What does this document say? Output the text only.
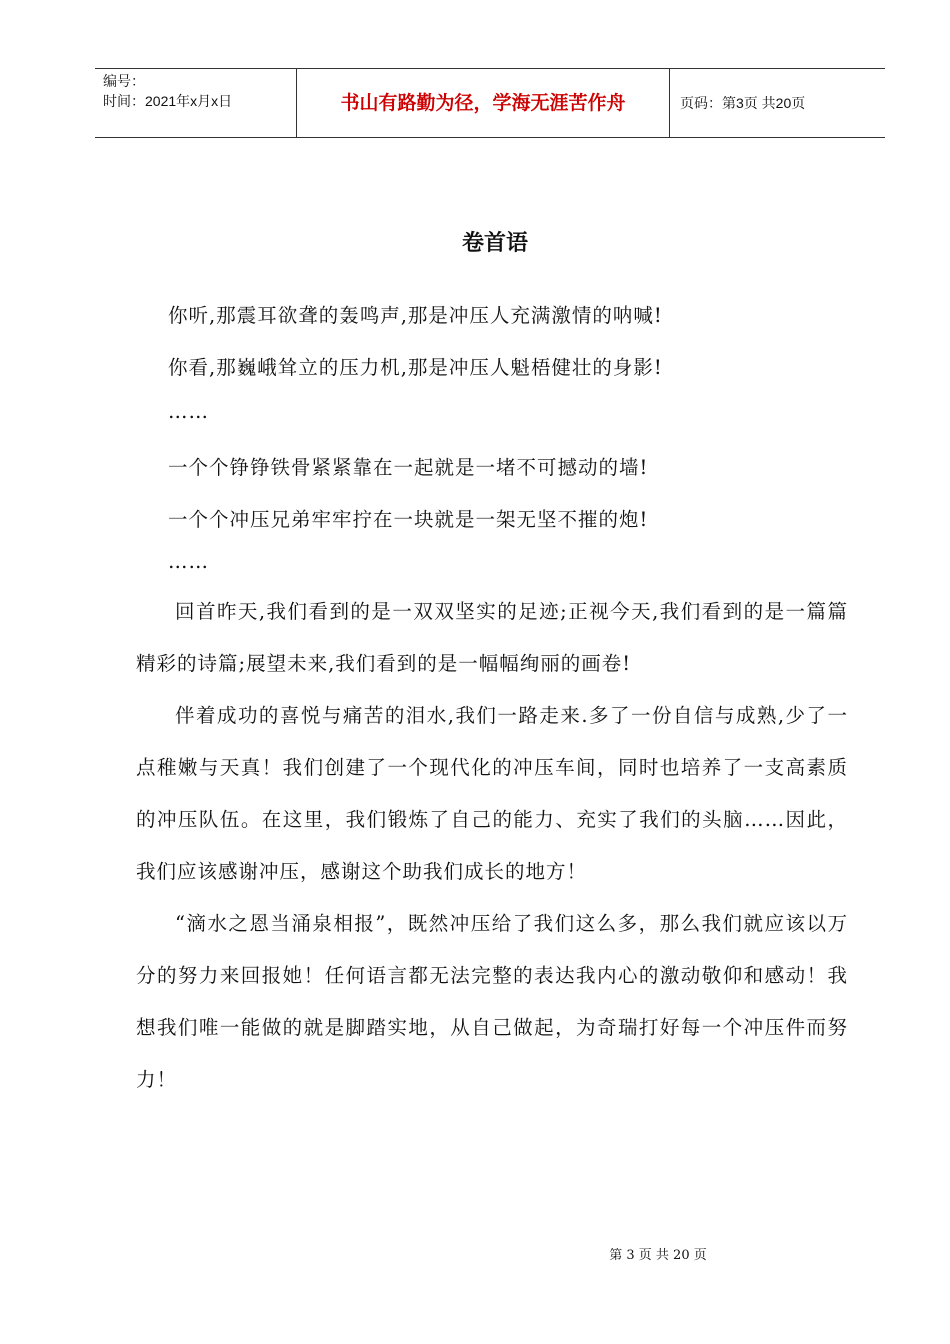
编号：
时间：2021年x月x日	书山有路勤为径，学海无涯苦作舟	页码：第3页 共20页
卷首语
你听,那震耳欲聋的轰鸣声,那是冲压人充满激情的呐喊!
你看,那巍峨耸立的压力机,那是冲压人魁梧健壮的身影!
……
一个个铮铮铁骨紧紧靠在一起就是一堵不可撼动的墙!
一个个冲压兄弟牢牢拧在一块就是一架无坚不摧的炮!
……
回首昨天,我们看到的是一双双坚实的足迹;正视今天,我们看到的是一篇篇精彩的诗篇;展望未来,我们看到的是一幅幅绚丽的画卷!
伴着成功的喜悦与痛苦的泪水,我们一路走来.多了一份自信与成熟,少了一点稚嫩与天真！我们创建了一个现代化的冲压车间，同时也培养了一支高素质的冲压队伍。在这里，我们锻炼了自己的能力、充实了我们的头脑……因此，我们应该感谢冲压，感谢这个助我们成长的地方！
“滴水之恩当涌泉相报”，既然冲压给了我们这么多，那么我们就应该以万分的努力来回报她！任何语言都无法完整的表达我内心的激动敬仰和感动！我想我们唯一能做的就是脚踏实地，从自己做起，为奇瑞打好每一个冲压件而努力！
第 3 页 共 20 页
